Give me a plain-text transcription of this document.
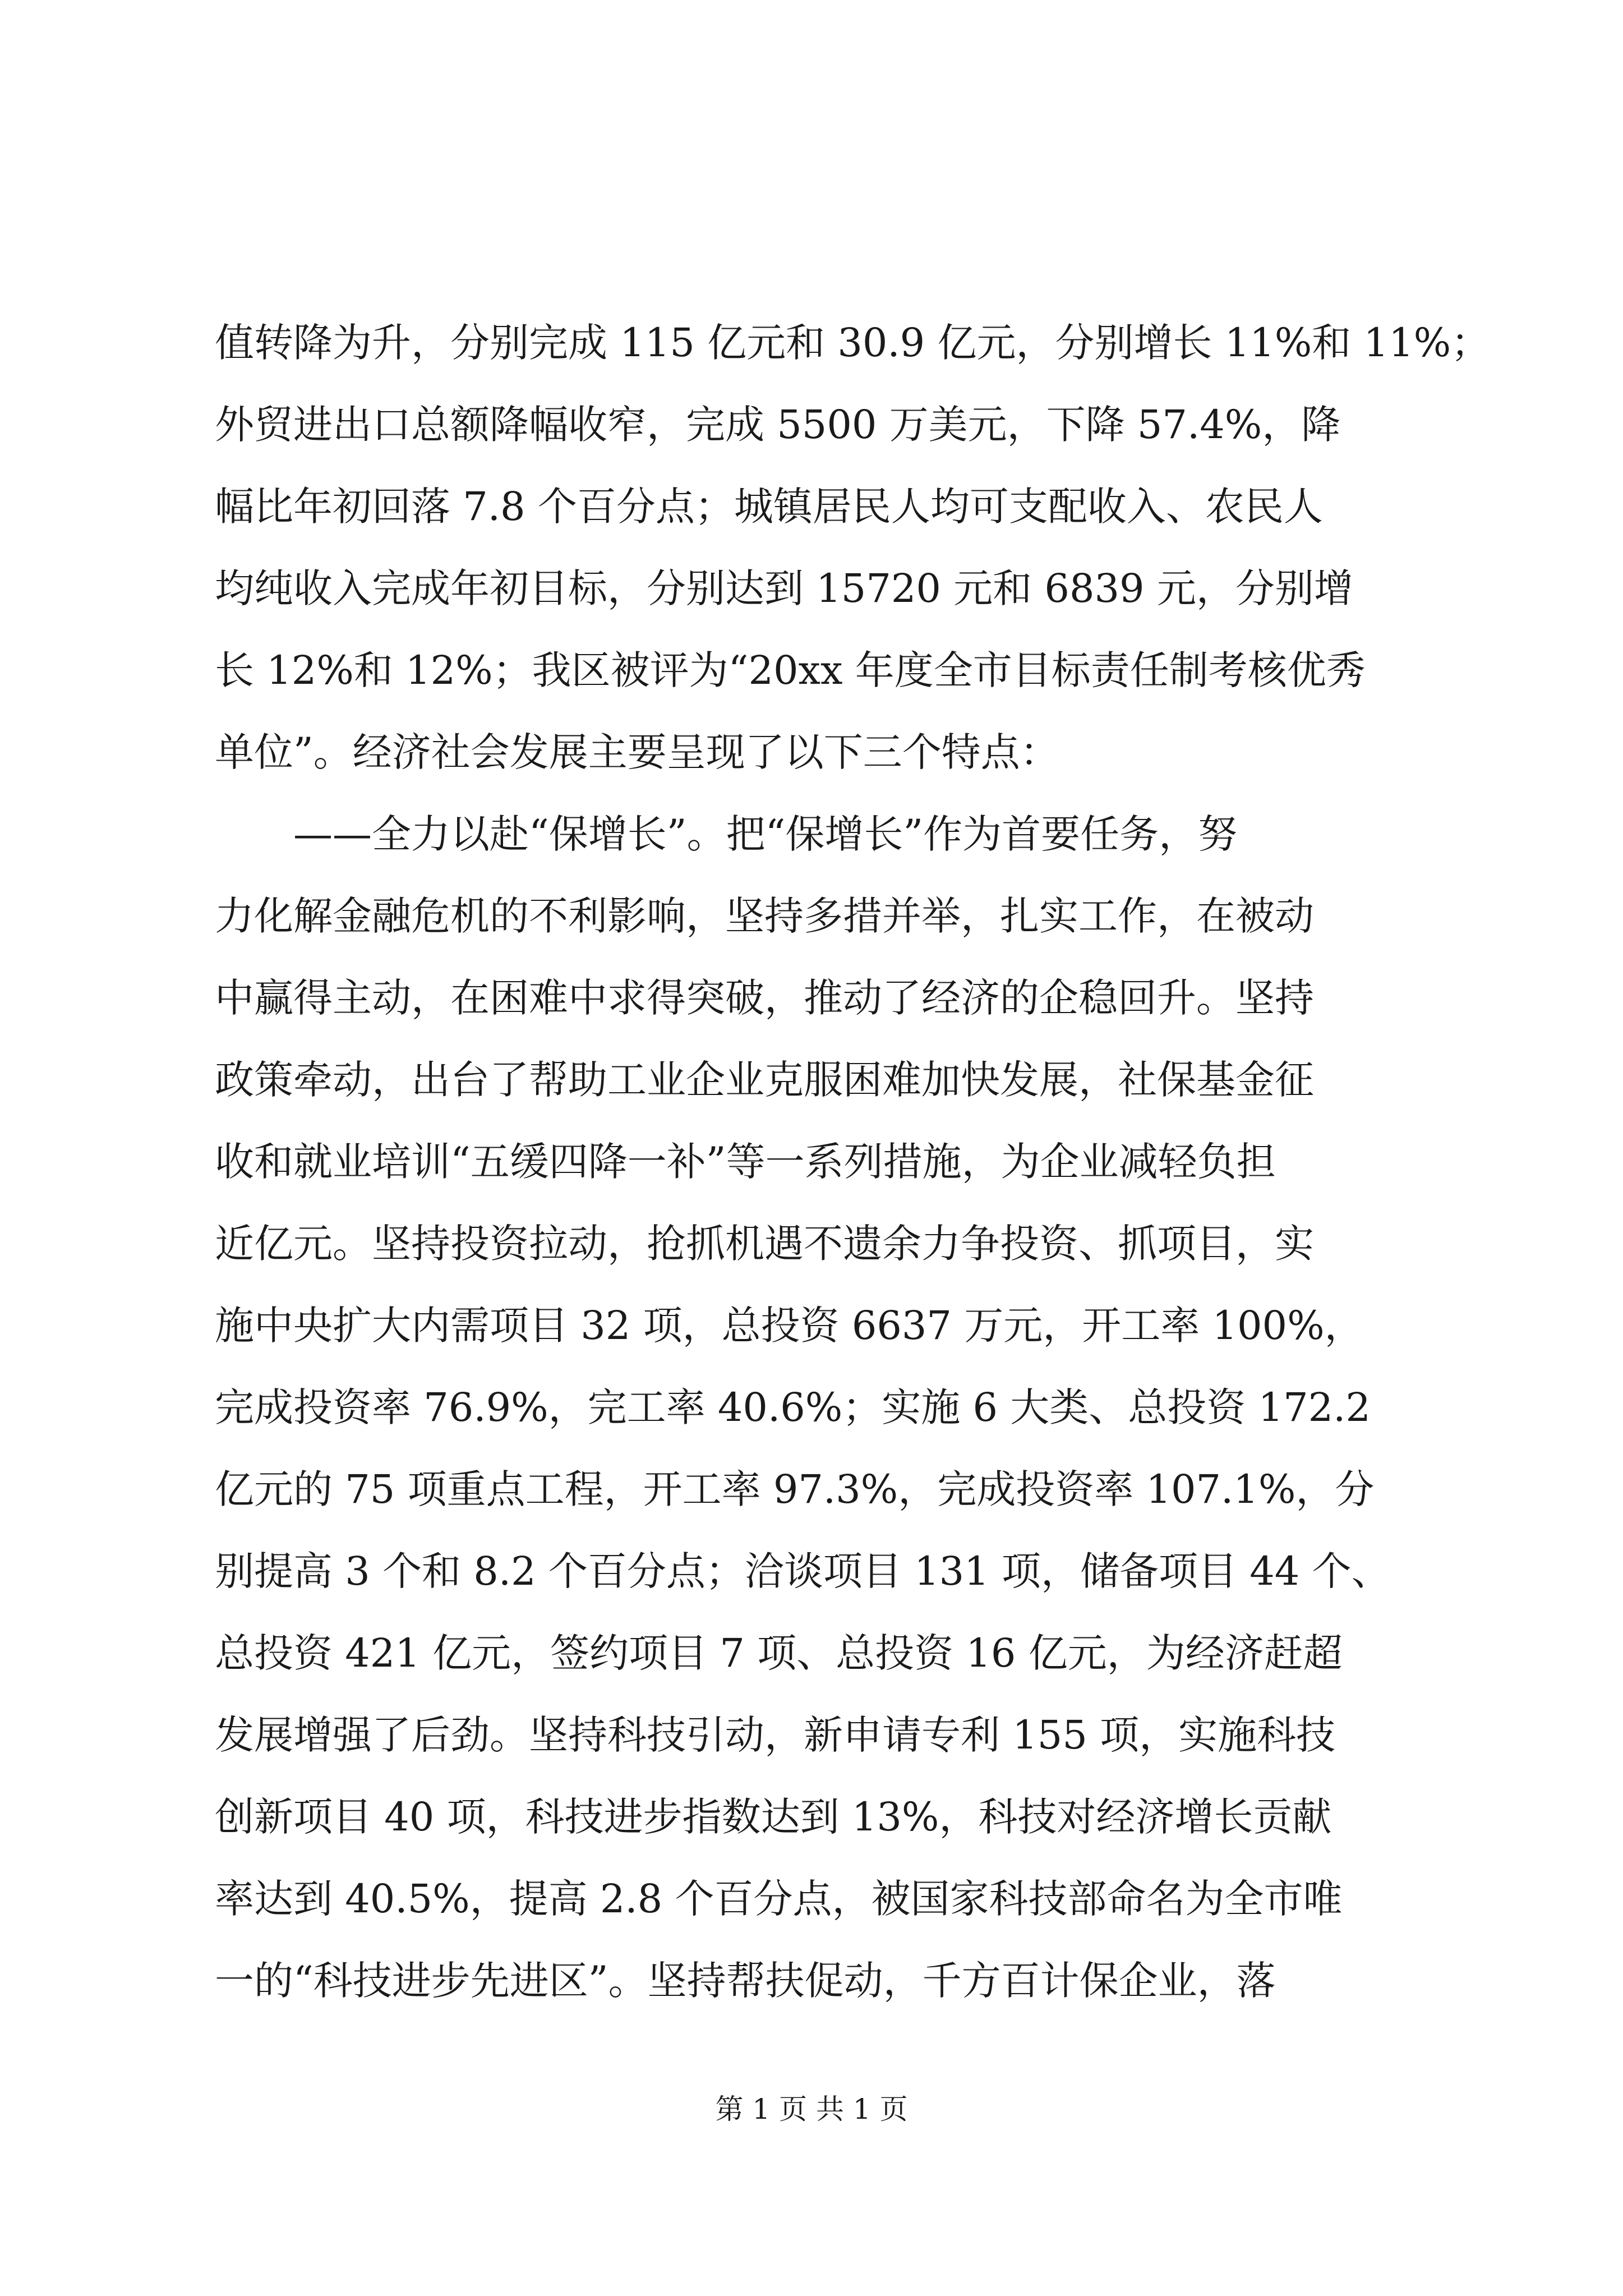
值转降为升，分别完成 115 亿元和 30.9 亿元，分别增长 11%和 11%；
外贸进出口总额降幅收窄，完成 5500 万美元，下降 57.4%，降
幅比年初回落 7.8 个百分点；城镇居民人均可支配收入、农民人
均纯收入完成年初目标，分别达到 15720 元和 6839 元，分别增
长 12%和 12%；我区被评为“20xx 年度全市目标责任制考核优秀
单位”。经济社会发展主要呈现了以下三个特点：
　　——全力以赴“保增长”。把“保增长”作为首要任务，努
力化解金融危机的不利影响，坚持多措并举，扎实工作，在被动
中赢得主动，在困难中求得突破，推动了经济的企稳回升。坚持
政策牵动，出台了帮助工业企业克服困难加快发展，社保基金征
收和就业培训“五缓四降一补”等一系列措施，为企业减轻负担
近亿元。坚持投资拉动，抢抓机遇不遗余力争投资、抓项目，实
施中央扩大内需项目 32 项，总投资 6637 万元，开工率 100%，
完成投资率 76.9%，完工率 40.6%；实施 6 大类、总投资 172.2
亿元的 75 项重点工程，开工率 97.3%，完成投资率 107.1%，分
别提高 3 个和 8.2 个百分点；洽谈项目 131 项，储备项目 44 个、
总投资 421 亿元，签约项目 7 项、总投资 16 亿元，为经济赶超
发展增强了后劲。坚持科技引动，新申请专利 155 项，实施科技
创新项目 40 项，科技进步指数达到 13%，科技对经济增长贡献
率达到 40.5%，提高 2.8 个百分点，被国家科技部命名为全市唯
一的“科技进步先进区”。坚持帮扶促动，千方百计保企业，落
第 1 页 共 1 页
